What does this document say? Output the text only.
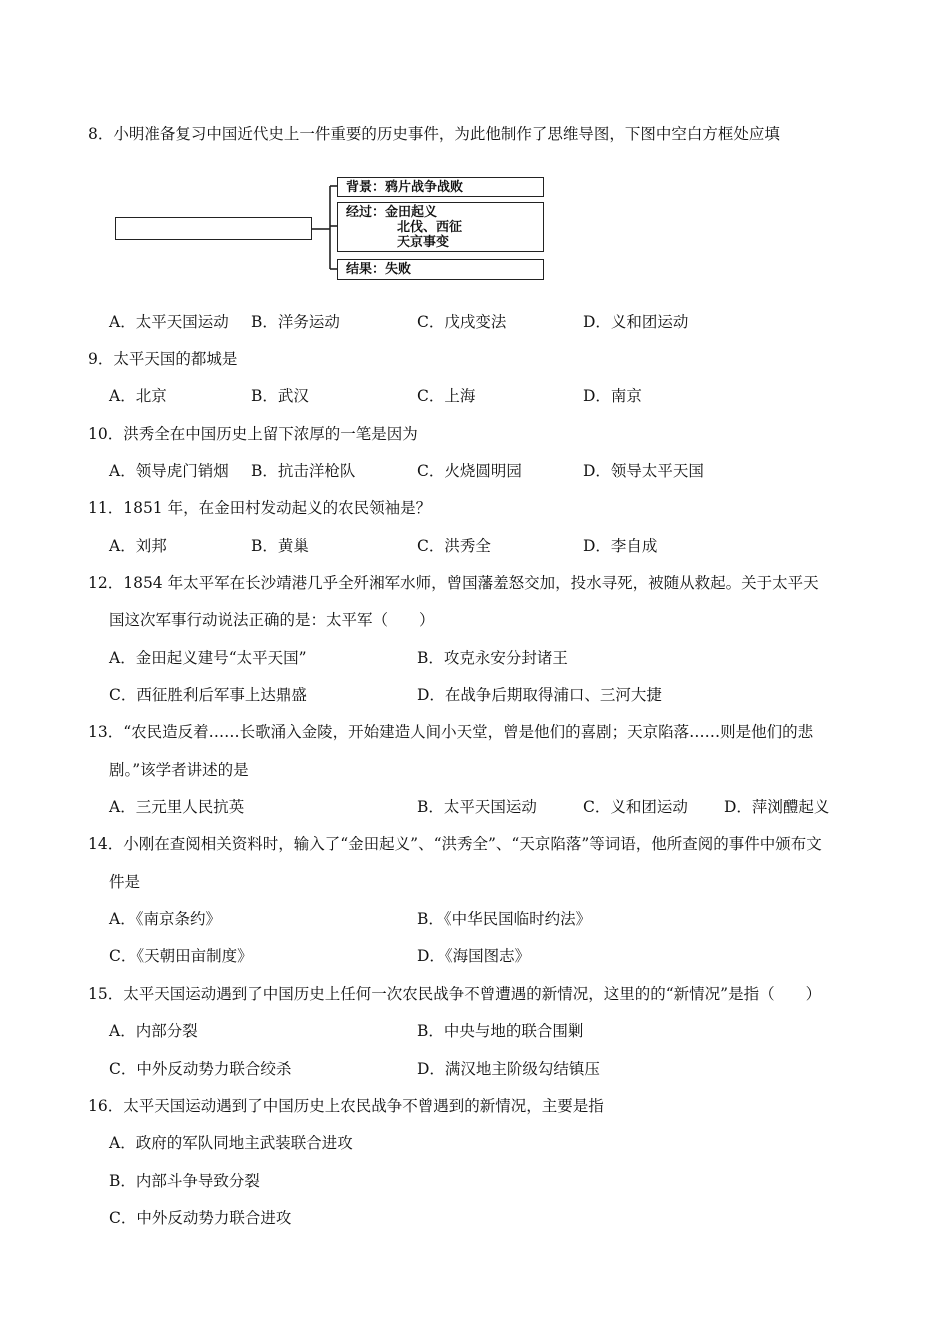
8．小明准备复习中国近代史上一件重要的历史事件，为此他制作了思维导图，下图中空白方框处应填
背景：鸦片战争战败
经过：金田起义
北伐、西征
天京事变
结果：失败
A．太平天国运动 B．洋务运动	C．戊戌变法	D．义和团运动
9．太平天国的都城是
A．北京	B．武汉	C．上海	D．南京
10．洪秀全在中国历史上留下浓厚的一笔是因为
A．领导虎门销烟 B．抗击洋枪队	C．火烧圆明园	D．领导太平天国
11．1851 年，在金田村发动起义的农民领袖是？
A．刘邦	B．黄巢	C．洪秀全	D．李自成
12．1854 年太平军在长沙靖港几乎全歼湘军水师，曾国藩羞怒交加，投水寻死，被随从救起。关于太平天
国这次军事行动说法正确的是：太平军（　　）
A．金田起义建号“太平天国”	B．攻克永安分封诸王
C．西征胜利后军事上达鼎盛	D．在战争后期取得浦口、三河大捷
13．“农民造反着……长歌涌入金陵，开始建造人间小天堂，曾是他们的喜剧；天京陷落……则是他们的悲
剧。”该学者讲述的是
A．三元里人民抗英	B．太平天国运动	C．义和团运动 D．萍浏醴起义
14．小刚在查阅相关资料时，输入了“金田起义”、“洪秀全”、“天京陷落”等词语，他所查阅的事件中颁布文
件是
A．《南京条约》	B．《中华民国临时约法》
C．《天朝田亩制度》	D．《海国图志》
15．太平天国运动遇到了中国历史上任何一次农民战争不曾遭遇的新情况，这里的的“新情况”是指（　　）
A．内部分裂	B．中央与地的联合围剿
C．中外反动势力联合绞杀	D．满汉地主阶级勾结镇压
16．太平天国运动遇到了中国历史上农民战争不曾遇到的新情况，主要是指
A．政府的军队同地主武装联合进攻
B．内部斗争导致分裂
C．中外反动势力联合进攻
